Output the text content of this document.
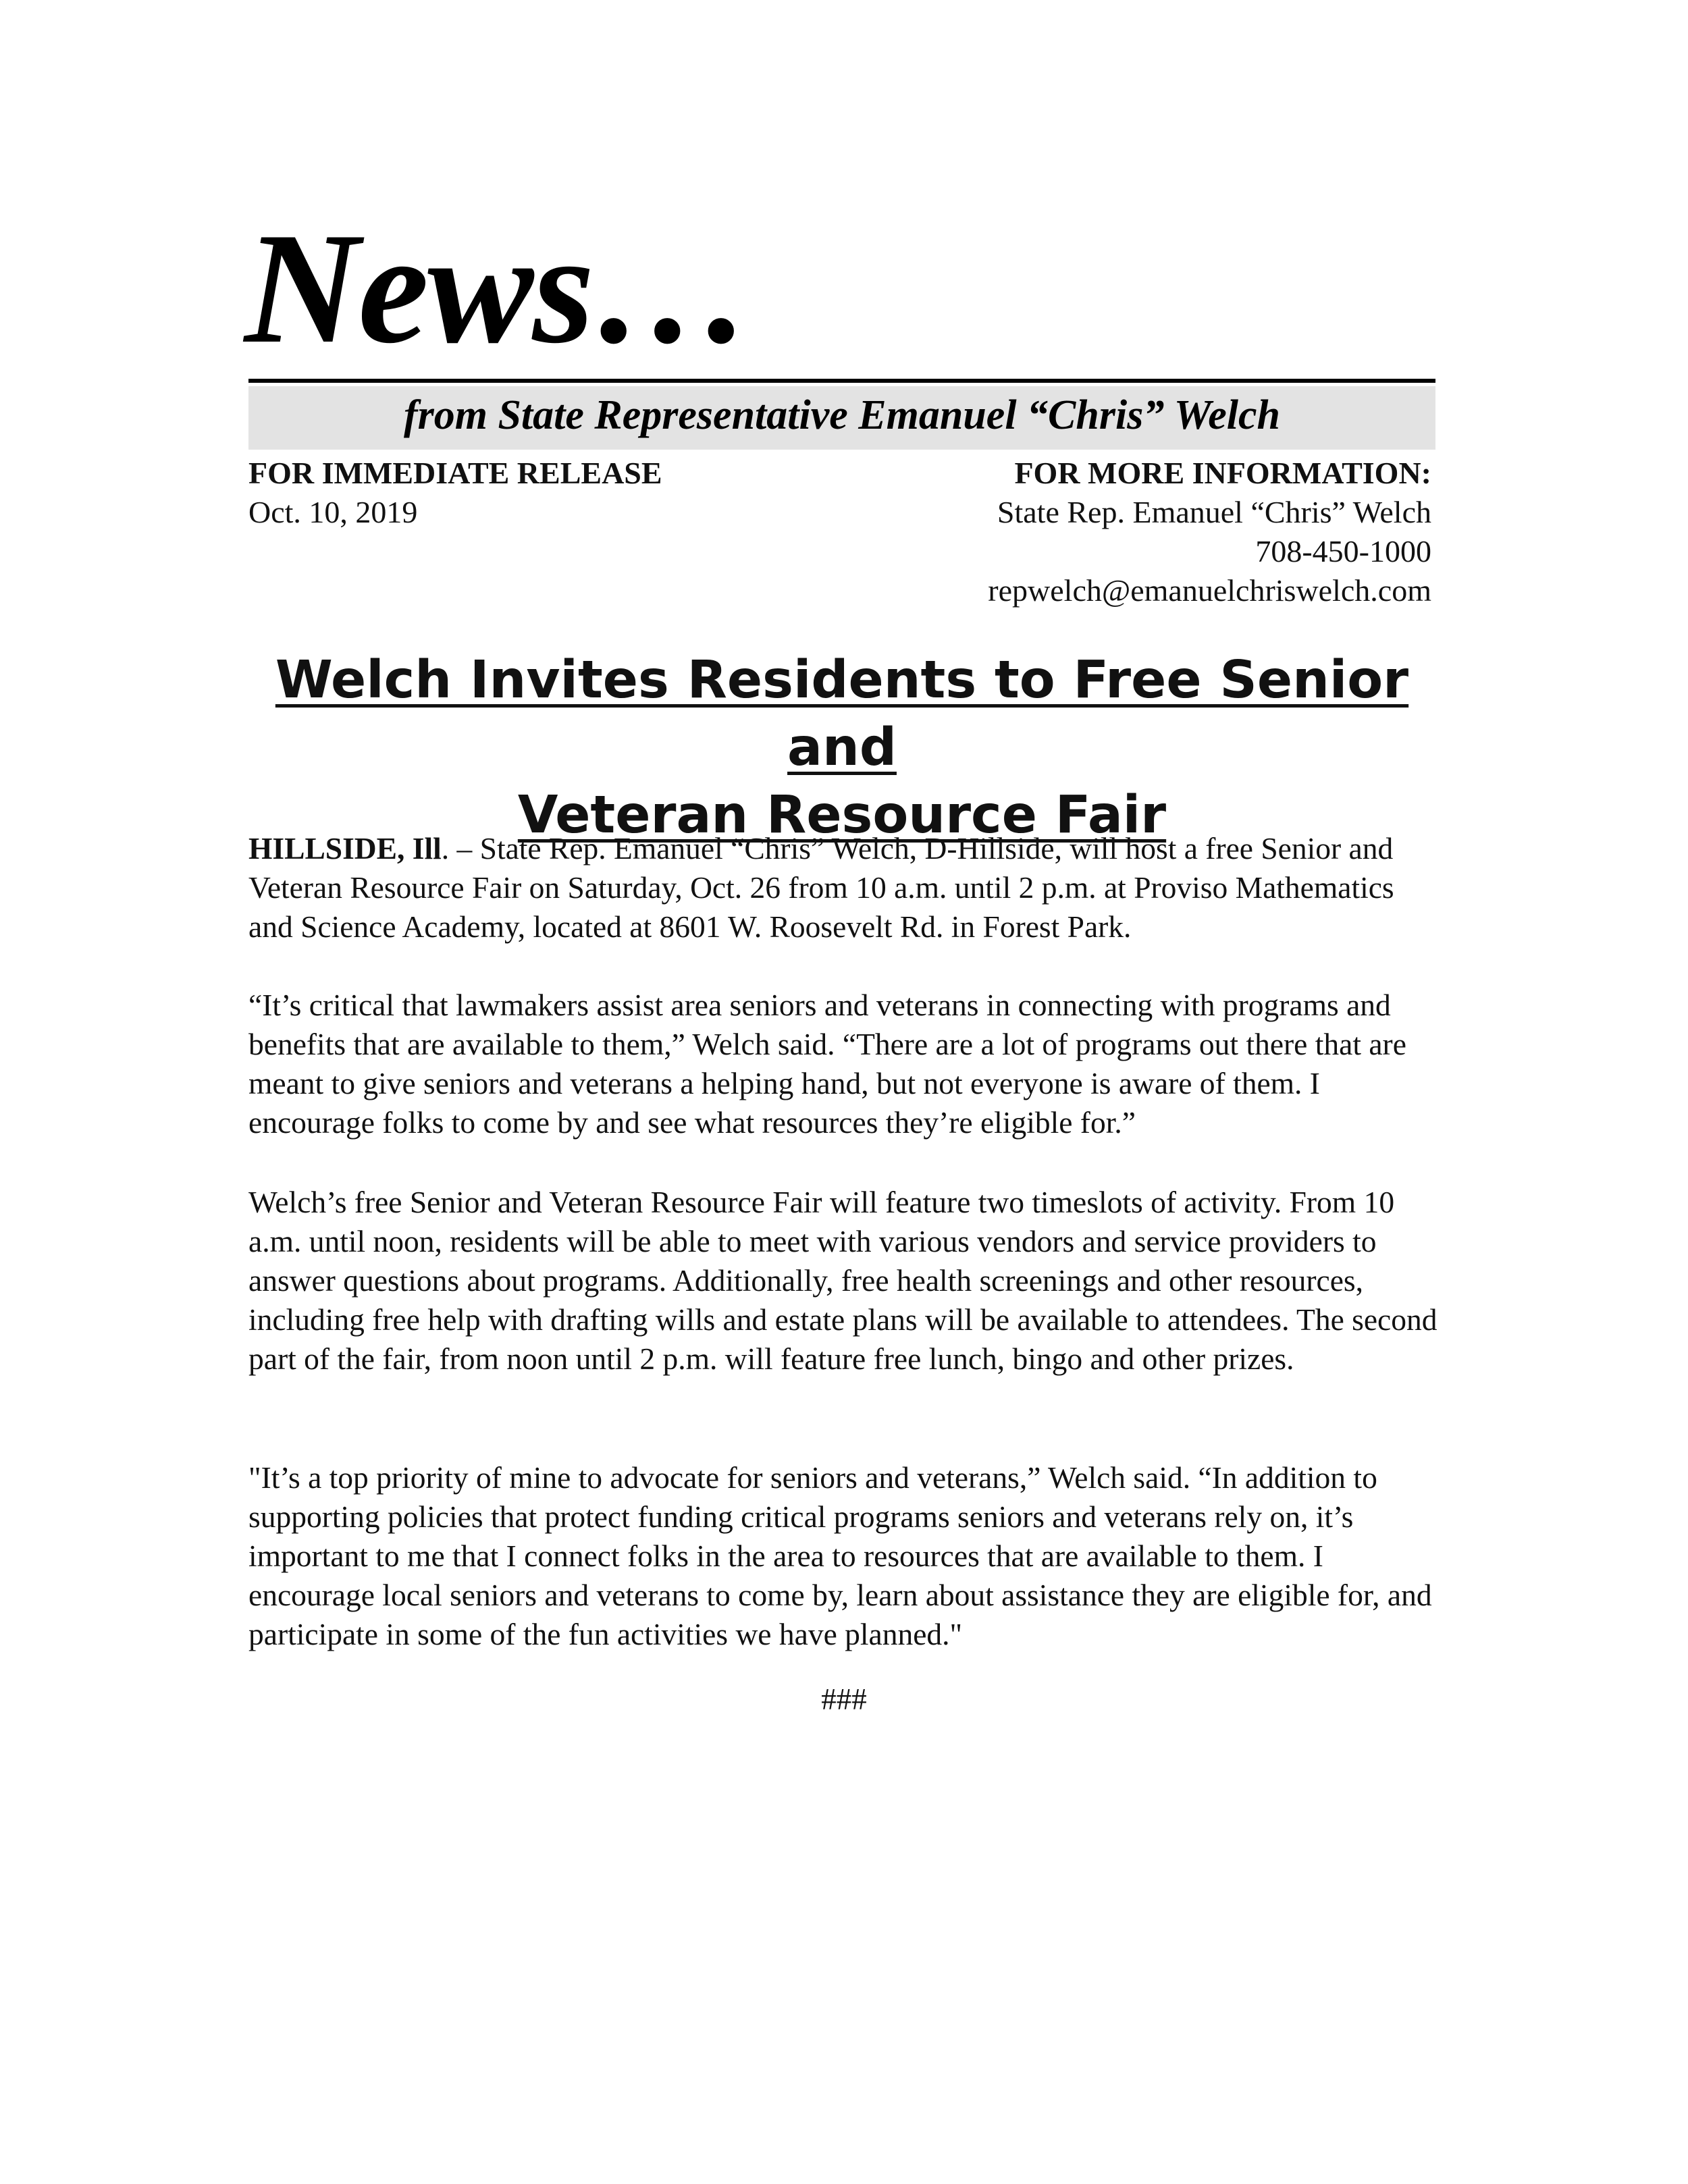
News…
from State Representative Emanuel “Chris” Welch
FOR IMMEDIATE RELEASE
Oct. 10, 2019
FOR MORE INFORMATION:
State Rep. Emanuel “Chris” Welch
708-450-1000
repwelch@emanuelchriswelch.com
Welch Invites Residents to Free Senior and
Veteran Resource Fair

HILLSIDE, Ill. – State Rep. Emanuel “Chris” Welch, D-Hillside, will host a free Senior and Veteran Resource Fair on Saturday, Oct. 26 from 10 a.m. until 2 p.m. at Proviso Mathematics and Science Academy, located at 8601 W. Roosevelt Rd. in Forest Park.

“It’s critical that lawmakers assist area seniors and veterans in connecting with programs and benefits that are available to them,” Welch said. “There are a lot of programs out there that are meant to give seniors and veterans a helping hand, but not everyone is aware of them. I encourage folks to come by and see what resources they’re eligible for.”

Welch’s free Senior and Veteran Resource Fair will feature two timeslots of activity. From 10 a.m. until noon, residents will be able to meet with various vendors and service providers to answer questions about programs. Additionally, free health screenings and other resources, including free help with drafting wills and estate plans will be available to attendees. The second part of the fair, from noon until 2 p.m. will feature free lunch, bingo and other prizes.

"It’s a top priority of mine to advocate for seniors and veterans,” Welch said. “In addition to supporting policies that protect funding critical programs seniors and veterans rely on, it’s important to me that I connect folks in the area to resources that are available to them. I encourage local seniors and veterans to come by, learn about assistance they are eligible for, and participate in some of the fun activities we have planned."

###
